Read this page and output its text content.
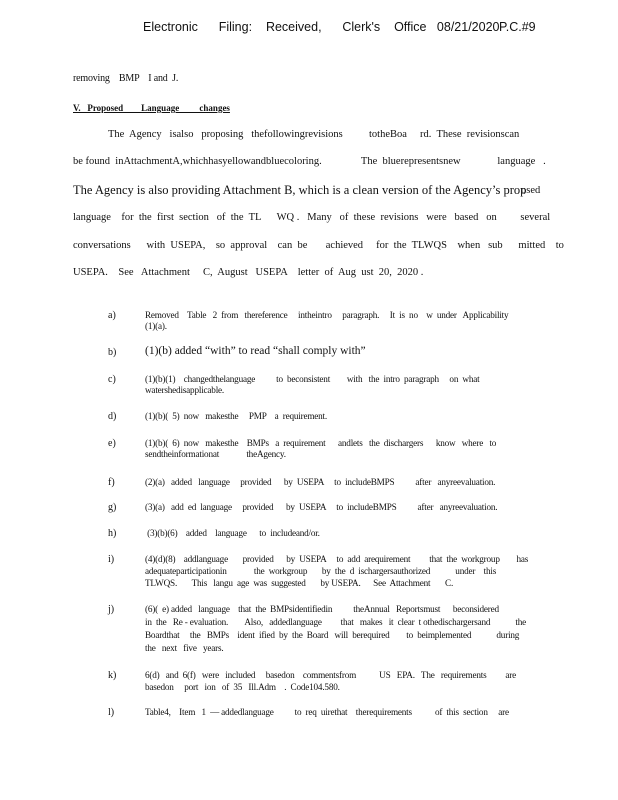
Electronic      Filing:    Received,      Clerk's    Office   08/21/2020 P.C.#9
removing    BMP    I and  J.
V.   Proposed        Language         changes
The  Agency   isalso   proposing   thefollowingrevisions          totheBoa     rd.  These  revisionscan
be found  inAttachmentA,whichhasyellowandbluecoloring.               The  bluerepresentsnew              language   .
The Agency is also providing Attachment B, which is a clean version of the Agency’s prop
osed
language    for  the  first  section   of  the  TL      WQ .   Many   of  these  revisions   were   based   on         several
conversations      with  USEPA,    so  approval    can  be       achieved     for  the  TLWQS    when   sub      mitted    to
USEPA.    See   Attachment     C,  August   USEPA    letter  of  Aug  ust  20,  2020 .
a)	Removed    Table   2  from   thereference     intheintro     paragraph.     It  is  no    w  under   Applicability
(1)(a).
b) (1)(b) added “with” to read “shall comply with”
c)	(1)(b)(1)    changedthelanguage          to  beconsistent        with   the  intro  paragraph     on  what
watershedisapplicable.
d)	(1)(b)(  5)  now   makesthe     PMP    a  requirement.
e)	(1)(b)(  6)  now   makesthe    BMPs   a  requirement      andlets   the  dischargers      know   where   to
sendtheinformationat             theAgency.
f)	(2)(a)   added   language     provided      by  USEPA     to  includeBMPS          after   anyreevaluation.
g)	(3)(a)   add  ed  language     provided      by  USEPA     to  includeBMPS          after   anyreevaluation.
h)	(3)(b)(6)    added    language      to  includeand/or.
i)	(4)(d)(8)    addlanguage       provided      by  USEPA     to  add  arequirement         that  the  workgroup        has
adequateparticipationin             the  workgroup       by  the  d  ischargersauthorized            under    this
TLWQS.       This   langu  age  was  suggested       by USEPA.      See  Attachment       C.
j)	(6)(  e) added   language    that  the  BMPsidentifiedin          theAnnual   Reportsmust      beconsidered
in  the   Re - evaluation.        Also,   addedlanguage         that   makes   it  clear  t othedischargersand            the
Boardthat     the   BMPs    ident  ified  by  the  Board   will  berequired        to  beimplemented            during
the   next   five   years.
k)	6(d)   and  6(f)   were   included     basedon    commentsfrom           US   EPA.   The   requirements         are
basedon     port   ion   of  35   Ill.Adm    .  Code104.580.
l)	Table4,    Item   1  — addedlanguage          to  req  uirethat    therequirements           of  this  section     are
